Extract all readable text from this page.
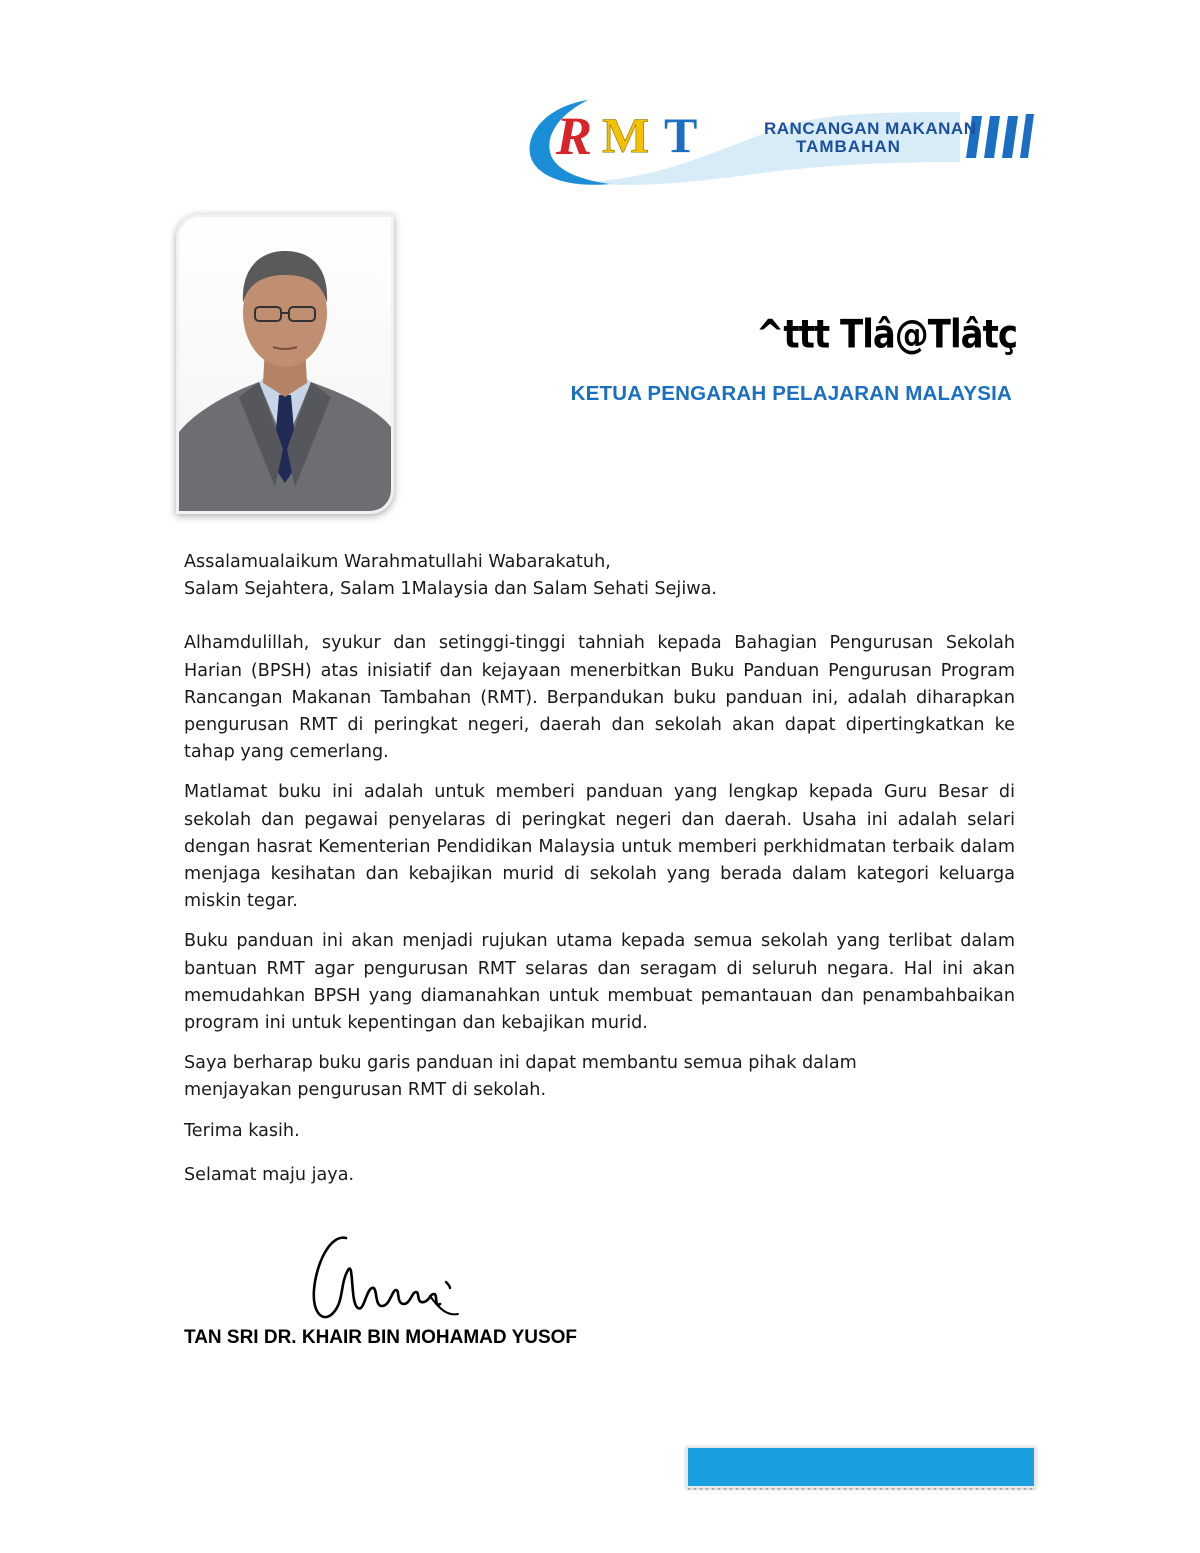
R M T	RANCANGAN MAKANAN
TAMBAHAN
^ttt Tlâ@Tlâtç
KETUA PENGARAH PELAJARAN MALAYSIA
Assalamualaikum Warahmatullahi Wabarakatuh,
Salam Sejahtera, Salam 1Malaysia dan Salam Sehati Sejiwa.

Alhamdulillah, syukur dan setinggi-tinggi tahniah kepada Bahagian Pengurusan Sekolah Harian (BPSH) atas inisiatif dan kejayaan menerbitkan Buku Panduan Pengurusan Program Rancangan Makanan Tambahan (RMT). Berpandukan buku panduan ini, adalah diharapkan pengurusan RMT di peringkat negeri, daerah dan sekolah akan dapat dipertingkatkan ke tahap yang cemerlang.

Matlamat buku ini adalah untuk memberi panduan yang lengkap kepada Guru Besar di sekolah dan pegawai penyelaras di peringkat negeri dan daerah. Usaha ini adalah selari dengan hasrat Kementerian Pendidikan Malaysia untuk memberi perkhidmatan terbaik dalam menjaga kesihatan dan kebajikan murid di sekolah yang berada dalam kategori keluarga miskin tegar.

Buku panduan ini akan menjadi rujukan utama kepada semua sekolah yang terlibat dalam bantuan RMT agar pengurusan RMT selaras dan seragam di seluruh negara. Hal ini akan memudahkan BPSH yang diamanahkan untuk membuat pemantauan dan penambahbaikan program ini untuk kepentingan dan kebajikan murid.

Saya berharap buku garis panduan ini dapat membantu semua pihak dalam menjayakan pengurusan RMT di sekolah.

Terima kasih.

Selamat maju jaya.

TAN SRI DR. KHAIR BIN MOHAMAD YUSOF
